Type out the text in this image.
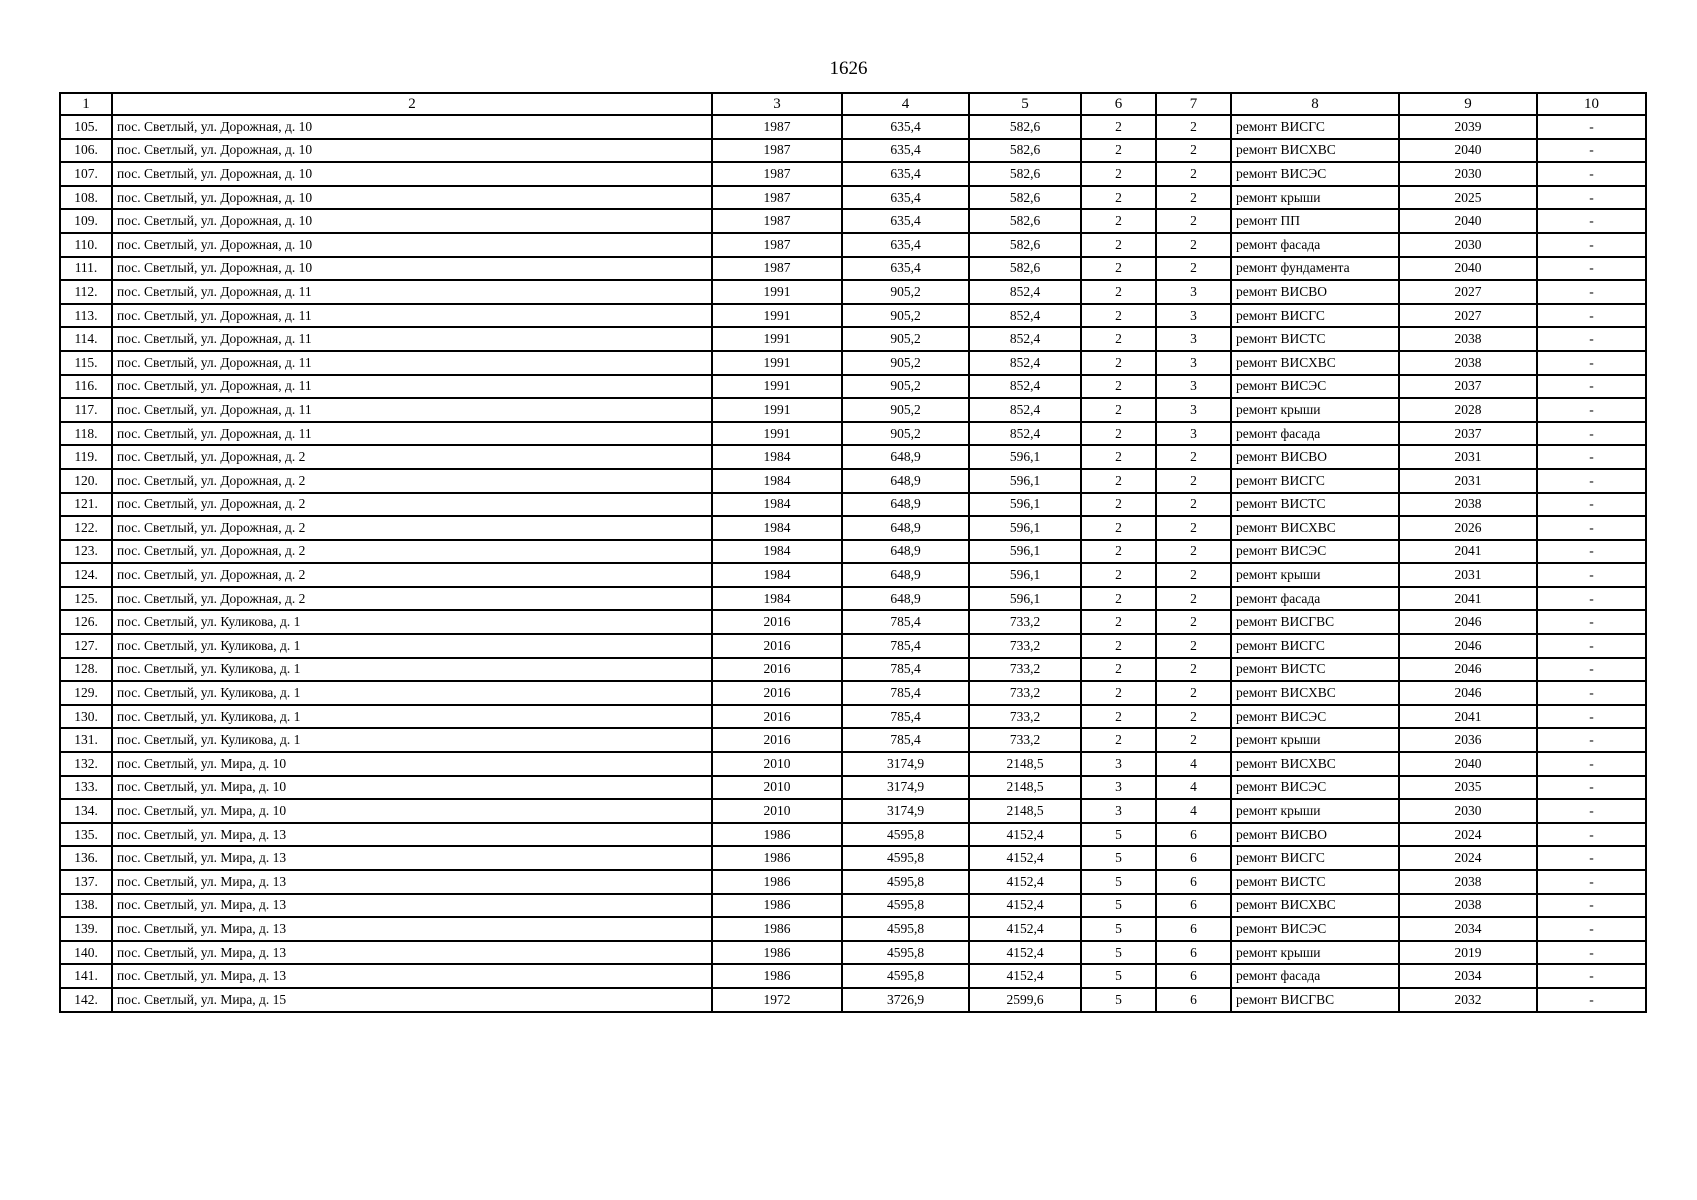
1626
1	2	3	4	5	6	7	8	9	10
105.	пос. Светлый, ул. Дорожная, д. 10	1987	635,4	582,6	2	2	ремонт ВИСГС	2039	-
106.	пос. Светлый, ул. Дорожная, д. 10	1987	635,4	582,6	2	2	ремонт ВИСХВС	2040	-
107.	пос. Светлый, ул. Дорожная, д. 10	1987	635,4	582,6	2	2	ремонт ВИСЭС	2030	-
108.	пос. Светлый, ул. Дорожная, д. 10	1987	635,4	582,6	2	2	ремонт крыши	2025	-
109.	пос. Светлый, ул. Дорожная, д. 10	1987	635,4	582,6	2	2	ремонт ПП	2040	-
110.	пос. Светлый, ул. Дорожная, д. 10	1987	635,4	582,6	2	2	ремонт фасада	2030	-
111.	пос. Светлый, ул. Дорожная, д. 10	1987	635,4	582,6	2	2	ремонт фундамента	2040	-
112.	пос. Светлый, ул. Дорожная, д. 11	1991	905,2	852,4	2	3	ремонт ВИСВО	2027	-
113.	пос. Светлый, ул. Дорожная, д. 11	1991	905,2	852,4	2	3	ремонт ВИСГС	2027	-
114.	пос. Светлый, ул. Дорожная, д. 11	1991	905,2	852,4	2	3	ремонт ВИСТС	2038	-
115.	пос. Светлый, ул. Дорожная, д. 11	1991	905,2	852,4	2	3	ремонт ВИСХВС	2038	-
116.	пос. Светлый, ул. Дорожная, д. 11	1991	905,2	852,4	2	3	ремонт ВИСЭС	2037	-
117.	пос. Светлый, ул. Дорожная, д. 11	1991	905,2	852,4	2	3	ремонт крыши	2028	-
118.	пос. Светлый, ул. Дорожная, д. 11	1991	905,2	852,4	2	3	ремонт фасада	2037	-
119.	пос. Светлый, ул. Дорожная, д. 2	1984	648,9	596,1	2	2	ремонт ВИСВО	2031	-
120.	пос. Светлый, ул. Дорожная, д. 2	1984	648,9	596,1	2	2	ремонт ВИСГС	2031	-
121.	пос. Светлый, ул. Дорожная, д. 2	1984	648,9	596,1	2	2	ремонт ВИСТС	2038	-
122.	пос. Светлый, ул. Дорожная, д. 2	1984	648,9	596,1	2	2	ремонт ВИСХВС	2026	-
123.	пос. Светлый, ул. Дорожная, д. 2	1984	648,9	596,1	2	2	ремонт ВИСЭС	2041	-
124.	пос. Светлый, ул. Дорожная, д. 2	1984	648,9	596,1	2	2	ремонт крыши	2031	-
125.	пос. Светлый, ул. Дорожная, д. 2	1984	648,9	596,1	2	2	ремонт фасада	2041	-
126.	пос. Светлый, ул. Куликова, д. 1	2016	785,4	733,2	2	2	ремонт ВИСГВС	2046	-
127.	пос. Светлый, ул. Куликова, д. 1	2016	785,4	733,2	2	2	ремонт ВИСГС	2046	-
128.	пос. Светлый, ул. Куликова, д. 1	2016	785,4	733,2	2	2	ремонт ВИСТС	2046	-
129.	пос. Светлый, ул. Куликова, д. 1	2016	785,4	733,2	2	2	ремонт ВИСХВС	2046	-
130.	пос. Светлый, ул. Куликова, д. 1	2016	785,4	733,2	2	2	ремонт ВИСЭС	2041	-
131.	пос. Светлый, ул. Куликова, д. 1	2016	785,4	733,2	2	2	ремонт крыши	2036	-
132.	пос. Светлый, ул. Мира, д. 10	2010	3174,9	2148,5	3	4	ремонт ВИСХВС	2040	-
133.	пос. Светлый, ул. Мира, д. 10	2010	3174,9	2148,5	3	4	ремонт ВИСЭС	2035	-
134.	пос. Светлый, ул. Мира, д. 10	2010	3174,9	2148,5	3	4	ремонт крыши	2030	-
135.	пос. Светлый, ул. Мира, д. 13	1986	4595,8	4152,4	5	6	ремонт ВИСВО	2024	-
136.	пос. Светлый, ул. Мира, д. 13	1986	4595,8	4152,4	5	6	ремонт ВИСГС	2024	-
137.	пос. Светлый, ул. Мира, д. 13	1986	4595,8	4152,4	5	6	ремонт ВИСТС	2038	-
138.	пос. Светлый, ул. Мира, д. 13	1986	4595,8	4152,4	5	6	ремонт ВИСХВС	2038	-
139.	пос. Светлый, ул. Мира, д. 13	1986	4595,8	4152,4	5	6	ремонт ВИСЭС	2034	-
140.	пос. Светлый, ул. Мира, д. 13	1986	4595,8	4152,4	5	6	ремонт крыши	2019	-
141.	пос. Светлый, ул. Мира, д. 13	1986	4595,8	4152,4	5	6	ремонт фасада	2034	-
142.	пос. Светлый, ул. Мира, д. 15	1972	3726,9	2599,6	5	6	ремонт ВИСГВС	2032	-
